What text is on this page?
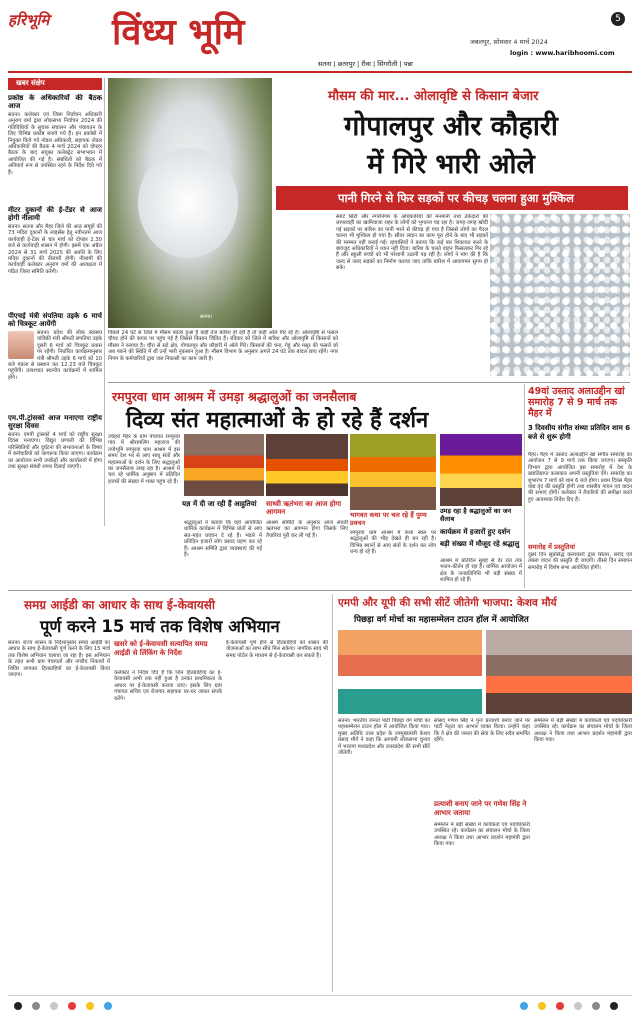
हरिभूमि विंध्य भूमि	5
जबलपुर, सोमवार 4 मार्च 2024
login : www.haribhoomi.com
सतना | छतरपुर | रीवा | सिंगरौली | पन्ना
खबर संक्षेप
प्रकोष्ठ के अधिकारियों की बैठक आज
सतना। कलेक्टर एवं जिला निर्वाचन अधिकारी अनुराग वर्मा द्वारा लोकसभा निर्वाचन 2024 की गतिविधियों के सुचारु संचालन और पंचायतन के लिए विभिन्न प्रकोष्ठ बनाये गये हैं। इन प्रकोष्ठों में नियुक्त किये गये नोडल अधिकारी, सहायक नोडल अधिकारियों की बैठक 4 मार्च 2024 को दोपहर बैठक के बाद संयुक्त कलेक्ट्रेट सभाभवन में आयोजित की गई है। संबंधितों को बैठक में अनिवार्य रूप से उपस्थित रहने के निर्देश दिये गये हैं।
मीटर दुकानों की ई-टेंडर से आज होगी नीलामी
सतना। सतना और मैहर जिले की आठ समूहों की 73 मदिरा दुकानों के लाइसेंस हेतु नवीनतम आज कार्यवाही ई-टेंडर से चार मार्च को दोपहर 2.30 बजे से कार्यवाही शासन में होगी। इसमें एक अप्रैल 2024 से 31 मार्च 2025 की अवधि के लिए मदिरा दुकानों की नीलामी होगी। नीलामी की कार्यवाही कलेक्टर अनुराग वर्मा की अध्यक्षता में गठित जिला समिति करेगी।
पीएचई मंत्री संपतिया उइके 6 मार्च को चित्रकूट आयेंगी
सतना। प्रदेश की लोक स्वास्थ्य यांत्रिकी मंत्री श्रीमती संपतिया उइके दूसरी 6 मार्च को चित्रकूट प्रवास पर रहेंगी। निर्धारित कार्यक्रमानुसार मंत्री श्रीमती उइके 6 मार्च को 10 बजे मंडला से प्रस्थान कर 12.23 बजे चित्रकूट पहुंचेंगी। तत्पश्चात स्थानीय कार्यक्रमों में शामिल होंगे।
एम.पी.ट्रांसको आज मनाएगा राष्ट्रीय सुरक्षा दिवस
सतना। एमपी ट्रांसको 4 मार्च को राष्ट्रीय सुरक्षा दिवस मनाएगा। विद्युत प्रणाली की विभिन्न परिस्थितियों और दुर्घटना की संभावनाओं के विषय में कर्मचारियों को जागरूक किया जाएगा। कार्यक्रम का आयोजन सभी उपकेंद्रों और कार्यालयों में होगा तथा सुरक्षा संबंधी शपथ दिलाई जाएगी।
मौसम की मार... ओलावृष्टि से किसान बेजार
गोपालपुर और कौहारी
में गिरे भारी ओले
पानी गिरने से फिर सड़कों पर कीचड़ चलना हुआ मुश्किल
सतना।
पिछले 24 घंटे से जिले में मौसम बदला हुआ है कहीं तेज बारिश हो रही है तो कहीं ओले गिर रहे हैं। ओलावृष्टि से फसल चौपट होने की कगार पर पहुंच गई है जिससे किसान चिंतित हैं। रविवार को जिले में बारिश और ओलावृष्टि से किसानों को मौसम ने रुलाया है। चौरा से सटे क्षेत्र, गोपालपुर और कौहारी में ओले गिरे। किसानों की चना, गेहूं और मसूर की फसलें जो अब पकने की स्थिति में थीं उन्हें भारी नुकसान हुआ है। मौसम विभाग के अनुसार अगले 24 घंटे तक बादल छाए रहेंगे। नगर निगम के कर्मचारियों द्वारा जल निकासी का काम जारी है।
स्मार्ट सिटी और नगरनिगम के अधिकारियों की मनमानी तथा ठेकेदारों की लापरवाही का खामियाजा शहर के लोगों को भुगतना पड़ रहा है। जगह-जगह खोदी गई सड़कों पर बारिश का पानी भरने से कीचड़ हो गया है जिससे लोगों का पैदल चलना भी मुश्किल हो गया है। सीवर लाइन का काम पूरा होने के बाद भी सड़कों की मरम्मत नहीं कराई गई। रहवासियों ने बताया कि कई बार शिकायत करने के बावजूद अधिकारियों ने ध्यान नहीं दिया। बारिश के चलते वाहन फिसलकर गिर रहे हैं और स्कूली बच्चों को भी परेशानी उठानी पड़ रही है। लोगों ने मांग की है कि जल्द से जल्द सड़कों का निर्माण कराया जाए ताकि बारिश में आवागमन सुगम हो सके।
रमपुरवा धाम आश्रम में उमड़ा श्रद्धालुओं का जनसैलाब
दिव्य संत महात्माओं के हो रहे हैं दर्शन
उचेहरा मैहर के ग्राम पंचायत रमपुरवा गांव में श्रीरामलिंग महाराज की तपोभूमि रमपुरवा धाम आश्रम में इस समय देश भर से आए साधु संतों और महात्माओं के दर्शन के लिए श्रद्धालुओं का जनसैलाब उमड़ रहा है। आश्रम में चल रहे धार्मिक अनुष्ठान में प्रतिदिन हजारों की संख्या में भक्त पहुंच रहे हैं।
यज्ञ में दी जा रही हैं आहुतियां	साध्वी ऋतंभरा का आज होगा आगमन	भागवत कथा पर चल रहे हैं पुण्य प्रवचन
उमड़ रहा है श्रद्धालुओं का जन सैलाब
श्रद्धालुओं ने बताया कि यहां आयोजित धार्मिक कार्यक्रम में विभिन्न प्रांतों से आए संत-महंत प्रवचन दे रहे हैं। भंडारे में प्रतिदिन हजारों लोग प्रसाद ग्रहण कर रहे हैं। आश्रम समिति द्वारा व्यवस्थाएं की गई हैं।
आश्रम समिति के अनुसार आज साध्वी ऋतंभरा का आगमन होगा जिसके लिए तैयारियां पूरी कर ली गई हैं।	रमपुरवा धाम आश्रम में कथा स्थल पर श्रद्धालुओं की भीड़ देखते ही बन रही है। विभिन्न स्थानों से आए संतों के दर्शन कर लोग धन्य हो रहे हैं।
कार्यक्रम में हजारों हुए दर्शन
बड़ी संख्या में मौजूद रहे श्रद्धालु
आश्रम में प्रतिदिन सुबह से देर रात तक भजन-कीर्तन हो रहा है। धार्मिक आयोजन में क्षेत्र के जनप्रतिनिधि भी बड़ी संख्या में शामिल हो रहे हैं।
49वां उस्ताद अलाउद्दीन खां समारोह 7 से 9 मार्च तक मैहर में
3 दिवसीय संगीत संध्या प्रतिदिन शाम 6 बजे से शुरू होगी
मैहर। मैहर में उस्ताद अलाउद्दीन खां संगीत समारोह का आयोजन 7 से 9 मार्च तक किया जाएगा। संस्कृति विभाग द्वारा आयोजित इस समारोह में देश के ख्यातिप्राप्त कलाकार अपनी प्रस्तुतियां देंगे। समारोह का शुभारंभ 7 मार्च को शाम 6 बजे होगा। प्रथम दिवस मैहर वाद्य वृंद की प्रस्तुति होगी तथा शास्त्रीय गायन एवं वादन की सभाएं होंगी। कलेक्टर ने तैयारियों की समीक्षा करते हुए आवश्यक निर्देश दिए हैं।
समारोह में प्रस्तुतियां
दूसरे दिन सुप्रसिद्ध कलाकारों द्वारा सितार, सरोद एवं तबला वादन की प्रस्तुति दी जाएगी। तीसरे दिन समापन समारोह में विशेष सभा आयोजित होगी।
समग्र आईडी का आधार के साथ ई-केवायसी
पूर्ण करने 15 मार्च तक विशेष अभियान
सतना। राज्य शासन के निर्देशानुसार समग्र आईडी का आधार के साथ ई-केवायसी पूर्ण करने के लिए 15 मार्च तक विशेष अभियान चलाया जा रहा है। इस अभियान के तहत सभी ग्राम पंचायतों और नगरीय निकायों में शिविर लगाकर हितग्राहियों का ई-केवायसी किया जाएगा।
खसरे को ई-केवायसी सत्यापित समग्र आईडी से लिंकिंग के निर्देश
कलेक्टर ने निर्देश दिए हैं कि जिन हितग्राहियों का ई-केवायसी अभी तक नहीं हुआ है उनका प्राथमिकता के आधार पर ई-केवायसी कराया जाए। इसके लिए ग्राम पंचायत सचिव एवं रोजगार सहायक घर-घर जाकर संपर्क करेंगे।
ई-केवायसी पूर्ण होने से हितग्राहियों को शासन की योजनाओं का लाभ सीधे मिल सकेगा। नागरिक स्वयं भी समग्र पोर्टल के माध्यम से ई-केवायसी कर सकते हैं।
एमपी और यूपी की सभी सीटें जीतेगी भाजपा: केशव मौर्य
पिछड़ा वर्ग मोर्चा का महासम्मेलन टाउन हॉल में आयोजित
सतना। भारतीय जनता पार्टी पिछड़ा वर्ग मोर्चा का महासम्मेलन टाउन हॉल में आयोजित किया गया। मुख्य अतिथि उत्तर प्रदेश के उपमुख्यमंत्री केशव प्रसाद मौर्य ने कहा कि आगामी लोकसभा चुनाव में भाजपा मध्यप्रदेश और उत्तरप्रदेश की सभी सीटें जीतेगी।
प्रत्याशी बनाए जाने पर गणेश सिंह ने आभार जताया
सांसद गणेश सिंह ने पुनः प्रत्याशी बनाए जाने पर पार्टी नेतृत्व का आभार व्यक्त किया। उन्होंने कहा कि वे क्षेत्र की जनता की सेवा के लिए सदैव समर्पित रहेंगे।
सम्मेलन में बड़ी संख्या में कार्यकर्ता एवं पदाधिकारी उपस्थित रहे। कार्यक्रम का संचालन मोर्चा के जिला अध्यक्ष ने किया तथा आभार प्रदर्शन महामंत्री द्वारा किया गया।
सम्मेलन में बड़ी संख्या में कार्यकर्ता एवं पदाधिकारी उपस्थित रहे। कार्यक्रम का संचालन मोर्चा के जिला अध्यक्ष ने किया तथा आभार प्रदर्शन महामंत्री द्वारा किया गया।
